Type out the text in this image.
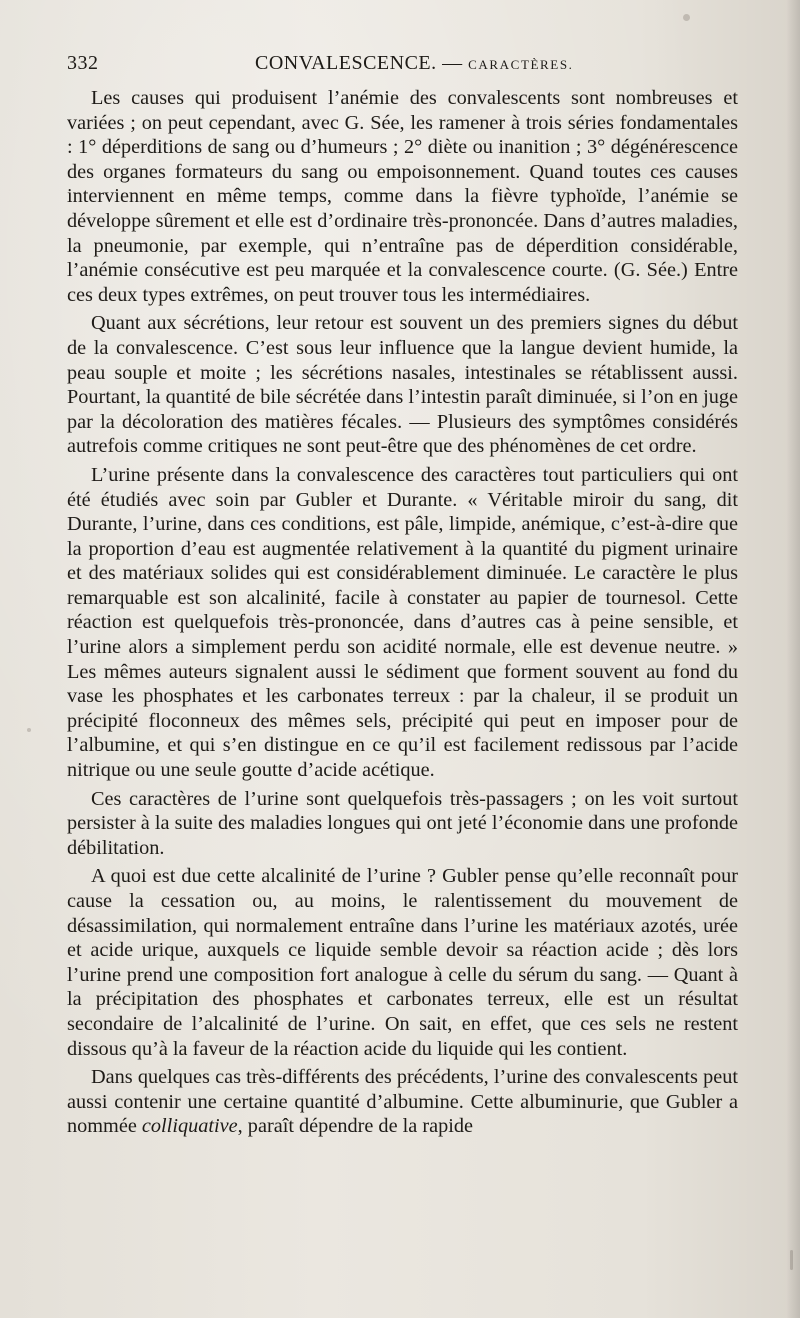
332	CONVALESCENCE. — CARACTÈRES.

Les causes qui produisent l’anémie des convalescents sont nombreuses et variées ; on peut cependant, avec G. Sée, les ramener à trois séries fondamentales : 1° déperditions de sang ou d’humeurs ; 2° diète ou inanition ; 3° dégénérescence des organes formateurs du sang ou empoisonnement. Quand toutes ces causes interviennent en même temps, comme dans la fièvre typhoïde, l’anémie se développe sûrement et elle est d’ordinaire très-prononcée. Dans d’autres maladies, la pneumonie, par exemple, qui n’entraîne pas de déperdition considérable, l’anémie consécutive est peu marquée et la convalescence courte. (G. Sée.) Entre ces deux types extrêmes, on peut trouver tous les intermédiaires.

Quant aux sécrétions, leur retour est souvent un des premiers signes du début de la convalescence. C’est sous leur influence que la langue devient humide, la peau souple et moite ; les sécrétions nasales, intestinales se rétablissent aussi. Pourtant, la quantité de bile sécrétée dans l’intestin paraît diminuée, si l’on en juge par la décoloration des matières fécales. — Plusieurs des symptômes considérés autrefois comme critiques ne sont peut-être que des phénomènes de cet ordre.

L’urine présente dans la convalescence des caractères tout particuliers qui ont été étudiés avec soin par Gubler et Durante. « Véritable miroir du sang, dit Durante, l’urine, dans ces conditions, est pâle, limpide, anémique, c’est-à-dire que la proportion d’eau est augmentée relativement à la quantité du pigment urinaire et des matériaux solides qui est considérablement diminuée. Le caractère le plus remarquable est son alcalinité, facile à constater au papier de tournesol. Cette réaction est quelquefois très-prononcée, dans d’autres cas à peine sensible, et l’urine alors a simplement perdu son acidité normale, elle est devenue neutre. » Les mêmes auteurs signalent aussi le sédiment que forment souvent au fond du vase les phosphates et les carbonates terreux : par la chaleur, il se produit un précipité floconneux des mêmes sels, précipité qui peut en imposer pour de l’albumine, et qui s’en distingue en ce qu’il est facilement redissous par l’acide nitrique ou une seule goutte d’acide acétique.

Ces caractères de l’urine sont quelquefois très-passagers ; on les voit surtout persister à la suite des maladies longues qui ont jeté l’économie dans une profonde débilitation.

A quoi est due cette alcalinité de l’urine ? Gubler pense qu’elle reconnaît pour cause la cessation ou, au moins, le ralentissement du mouvement de désassimilation, qui normalement entraîne dans l’urine les matériaux azotés, urée et acide urique, auxquels ce liquide semble devoir sa réaction acide ; dès lors l’urine prend une composition fort analogue à celle du sérum du sang. — Quant à la précipitation des phosphates et carbonates terreux, elle est un résultat secondaire de l’alcalinité de l’urine. On sait, en effet, que ces sels ne restent dissous qu’à la faveur de la réaction acide du liquide qui les contient.

Dans quelques cas très-différents des précédents, l’urine des convalescents peut aussi contenir une certaine quantité d’albumine. Cette albuminurie, que Gubler a nommée colliquative, paraît dépendre de la rapide
